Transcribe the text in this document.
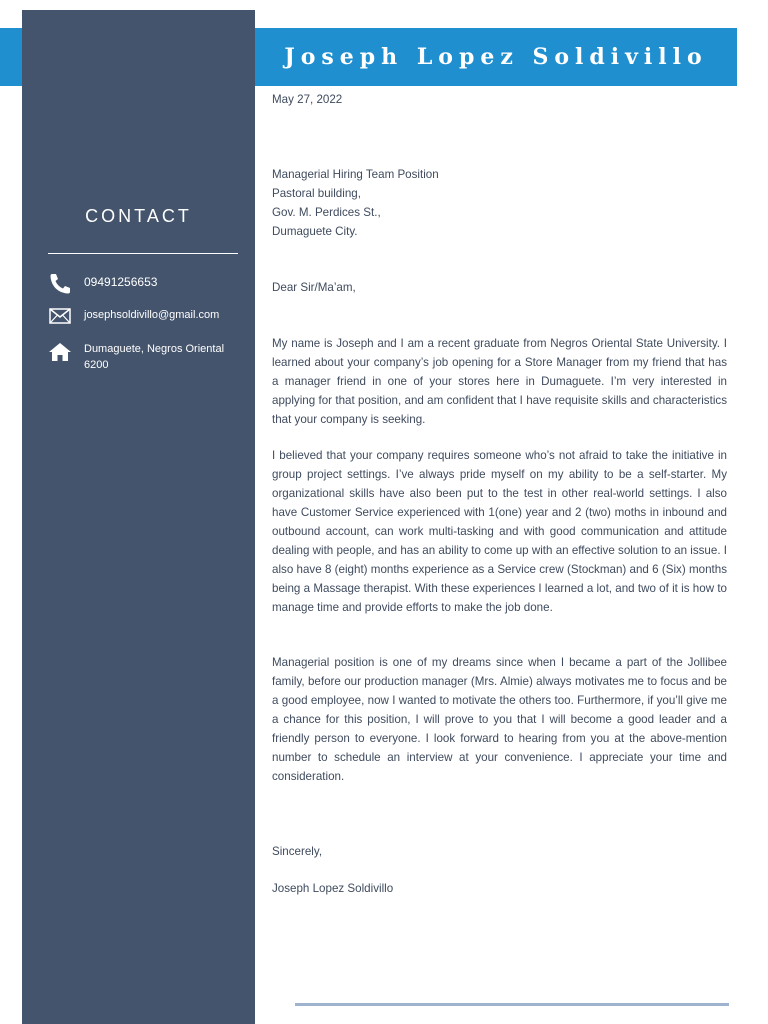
Joseph Lopez Soldivillo
CONTACT
09491256653
josephsoldivillo@gmail.com
Dumaguete, Negros Oriental 6200
May 27, 2022
Managerial Hiring Team Position
Pastoral building,
Gov. M. Perdices St.,
Dumaguete City.
Dear Sir/Ma’am,

My name is Joseph and I am a recent graduate from Negros Oriental State University. I learned about your company’s job opening for a Store Manager from my friend that has a manager friend in one of your stores here in Dumaguete. I’m very interested in applying for that position, and am confident that I have requisite skills and characteristics that your company is seeking.

I believed that your company requires someone who’s not afraid to take the initiative in group project settings. I’ve always pride myself on my ability to be a self-starter. My organizational skills have also been put to the test in other real-world settings. I also have Customer Service experienced with 1(one) year and 2 (two) moths in inbound and outbound account, can work multi-tasking and with good communication and attitude dealing with people, and has an ability to come up with an effective solution to an issue. I also have 8 (eight) months experience as a Service crew (Stockman) and 6 (Six) months being a Massage therapist. With these experiences I learned a lot, and two of it is how to manage time and provide efforts to make the job done.

Managerial position is one of my dreams since when I became a part of the Jollibee family, before our production manager (Mrs. Almie) always motivates me to focus and be a good employee, now I wanted to motivate the others too. Furthermore, if you’ll give me a chance for this position, I will prove to you that I will become a good leader and a friendly person to everyone. I look forward to hearing from you at the above-mention number to schedule an interview at your convenience. I appreciate your time and consideration.

Sincerely,
Joseph Lopez Soldivillo
